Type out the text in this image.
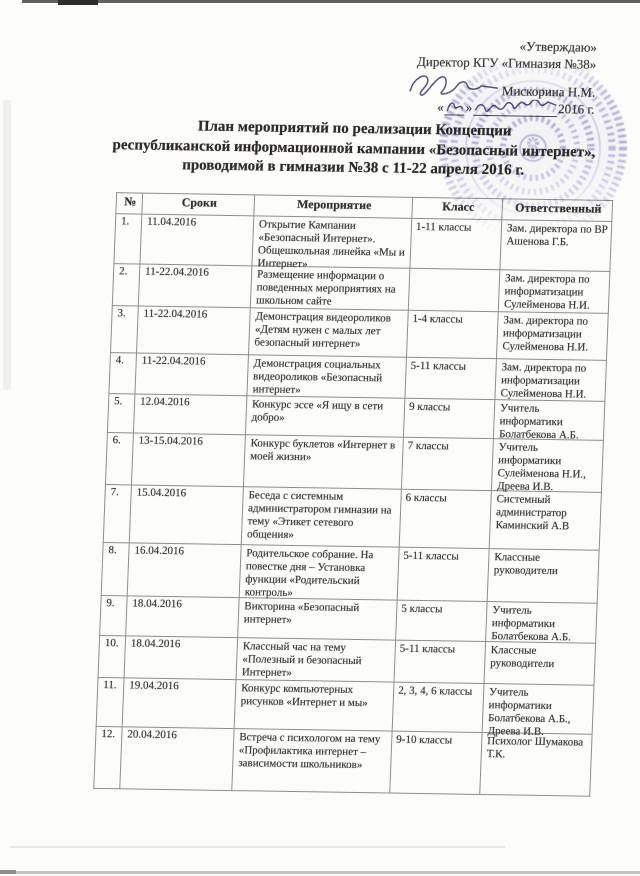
«Утверждаю»
Директор КГУ «Гимназия №38»
Мискорина Н.М.
« »	2016 г.
План мероприятий по реализации Концепции
республиканской информационной кампании «Безопасный интернет»,
проводимой в гимназии №38 с 11-22 апреля 2016 г.
№	Сроки	Мероприятие	Класс	Ответственный
1.	11.04.2016	Открытие Кампании «Безопасный Интернет». Общешкольная линейка «Мы и Интернет»	1-11 классы	Зам. директора по ВР Ашенова Г.Б.

2.	11-22.04.2016	Размещение информации о поведенных мероприятиях на школьном сайте		Зам. директора по информатизации Сулейменова Н.И.

3.	11-22.04.2016	Демонстрация видеороликов «Детям нужен с малых лет безопасный интернет»	1-4 классы	Зам. директора по информатизации Сулейменова Н.И.

4.	11-22.04.2016	Демонстрация социальных видеороликов «Безопасный интернет»	5-11 классы	Зам. директора по информатизации Сулейменова Н.И.

5.	12.04.2016	Конкурс эссе «Я ищу в сети добро»	9 классы	Учитель информатики Болатбекова А.Б.

6.	13-15.04.2016	Конкурс буклетов «Интернет в моей жизни»	7 классы	Учитель информатики Сулейменова Н.И., Дреева И.В.

7.	15.04.2016	Беседа с системным администратором гимназии на тему «Этикет сетевого общения»	6 классы	Системный администратор Каминский А.В

8.	16.04.2016	Родительское собрание. На повестке дня – Установка функции «Родительский контроль»	5-11 классы	Классные руководители

9.	18.04.2016	Викторина «Безопасный интернет»	5 классы	Учитель информатики Болатбекова А.Б.

10.	18.04.2016	Классный час на тему «Полезный и безопасный Интернет»	5-11 классы	Классные руководители

11.	19.04.2016	Конкурс компьютерных рисунков «Интернет и мы»	2, 3, 4, 6 классы	Учитель информатики Болатбекова А.Б., Дреева И.В.

12.	20.04.2016	Встреча с психологом на тему «Профилактика интернет – зависимости школьников»	9-10 классы	Психолог Шумакова Т.К.
